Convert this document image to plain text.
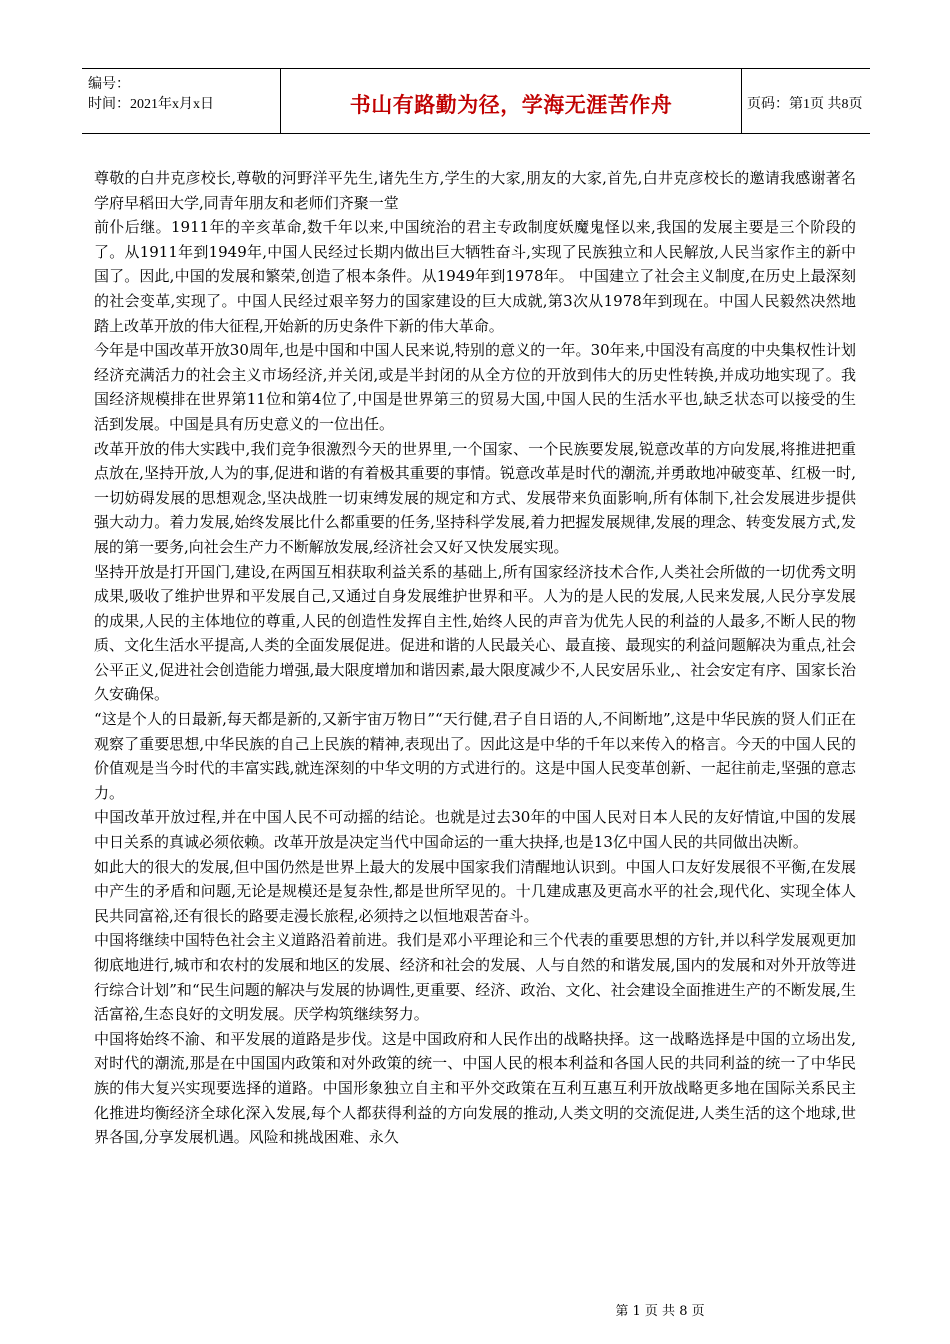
编号：
时间：2021年x月x日	书山有路勤为径，学海无涯苦作舟	页码：第1页 共8页

尊敬的白井克彦校长,尊敬的河野洋平先生,诸先生方,学生的大家,朋友的大家,首先,白井克彦校长的邀请我感谢著名学府早稻田大学,同青年朋友和老师们齐聚一堂

前仆后继。1911年的辛亥革命,数千年以来,中国统治的君主专政制度妖魔鬼怪以来,我国的发展主要是三个阶段的了。从1911年到1949年,中国人民经过长期内做出巨大牺牲奋斗,实现了民族独立和人民解放,人民当家作主的新中国了。因此,中国的发展和繁荣,创造了根本条件。从1949年到1978年。 中国建立了社会主义制度,在历史上最深刻的社会变革,实现了。中国人民经过艰辛努力的国家建设的巨大成就,第3次从1978年到现在。中国人民毅然决然地踏上改革开放的伟大征程,开始新的历史条件下新的伟大革命。

今年是中国改革开放30周年,也是中国和中国人民来说,特别的意义的一年。30年来,中国没有高度的中央集权性计划经济充满活力的社会主义市场经济,并关闭,或是半封闭的从全方位的开放到伟大的历史性转换,并成功地实现了。我国经济规模排在世界第11位和第4位了,中国是世界第三的贸易大国,中国人民的生活水平也,缺乏状态可以接受的生活到发展。中国是具有历史意义的一位出任。

改革开放的伟大实践中,我们竞争很激烈今天的世界里,一个国家、一个民族要发展,锐意改革的方向发展,将推进把重点放在,坚持开放,人为的事,促进和谐的有着极其重要的事情。锐意改革是时代的潮流,并勇敢地冲破变革、红极一时,一切妨碍发展的思想观念,坚决战胜一切束缚发展的规定和方式、发展带来负面影响,所有体制下,社会发展进步提供强大动力。着力发展,始终发展比什么都重要的任务,坚持科学发展,着力把握发展规律,发展的理念、转变发展方式,发展的第一要务,向社会生产力不断解放发展,经济社会又好又快发展实现。

坚持开放是打开国门,建设,在两国互相获取利益关系的基础上,所有国家经济技术合作,人类社会所做的一切优秀文明成果,吸收了维护世界和平发展自己,又通过自身发展维护世界和平。人为的是人民的发展,人民来发展,人民分享发展的成果,人民的主体地位的尊重,人民的创造性发挥自主性,始终人民的声音为优先人民的利益的人最多,不断人民的物质、文化生活水平提高,人类的全面发展促进。促进和谐的人民最关心、最直接、最现实的利益问题解决为重点,社会公平正义,促进社会创造能力增强,最大限度增加和谐因素,最大限度减少不,人民安居乐业,、社会安定有序、国家长治久安确保。

“这是个人的日最新,每天都是新的,又新宇宙万物日”“天行健,君子自日语的人,不间断地”,这是中华民族的贤人们正在观察了重要思想,中华民族的自己上民族的精神,表现出了。因此这是中华的千年以来传入的格言。今天的中国人民的价值观是当今时代的丰富实践,就连深刻的中华文明的方式进行的。这是中国人民变革创新、一起往前走,坚强的意志力。

中国改革开放过程,并在中国人民不可动摇的结论。也就是过去30年的中国人民对日本人民的友好情谊,中国的发展中日关系的真诚必须依赖。改革开放是决定当代中国命运的一重大抉择,也是13亿中国人民的共同做出决断。

如此大的很大的发展,但中国仍然是世界上最大的发展中国家我们清醒地认识到。中国人口友好发展很不平衡,在发展中产生的矛盾和问题,无论是规模还是复杂性,都是世所罕见的。十几建成惠及更高水平的社会,现代化、实现全体人民共同富裕,还有很长的路要走漫长旅程,必须持之以恒地艰苦奋斗。

中国将继续中国特色社会主义道路沿着前进。我们是邓小平理论和三个代表的重要思想的方针,并以科学发展观更加彻底地进行,城市和农村的发展和地区的发展、经济和社会的发展、人与自然的和谐发展,国内的发展和对外开放等进行综合计划”和“民生问题的解决与发展的协调性,更重要、经济、政治、文化、社会建设全面推进生产的不断发展,生活富裕,生态良好的文明发展。厌学构筑继续努力。

中国将始终不渝、和平发展的道路是步伐。这是中国政府和人民作出的战略抉择。这一战略选择是中国的立场出发,对时代的潮流,那是在中国国内政策和对外政策的统一、中国人民的根本利益和各国人民的共同利益的统一了中华民族的伟大复兴实现要选择的道路。中国形象独立自主和平外交政策在互利互惠互利开放战略更多地在国际关系民主化推进均衡经济全球化深入发展,每个人都获得利益的方向发展的推动,人类文明的交流促进,人类生活的这个地球,世界各国,分享发展机遇。风险和挑战困难、永久

第 1 页 共 8 页
